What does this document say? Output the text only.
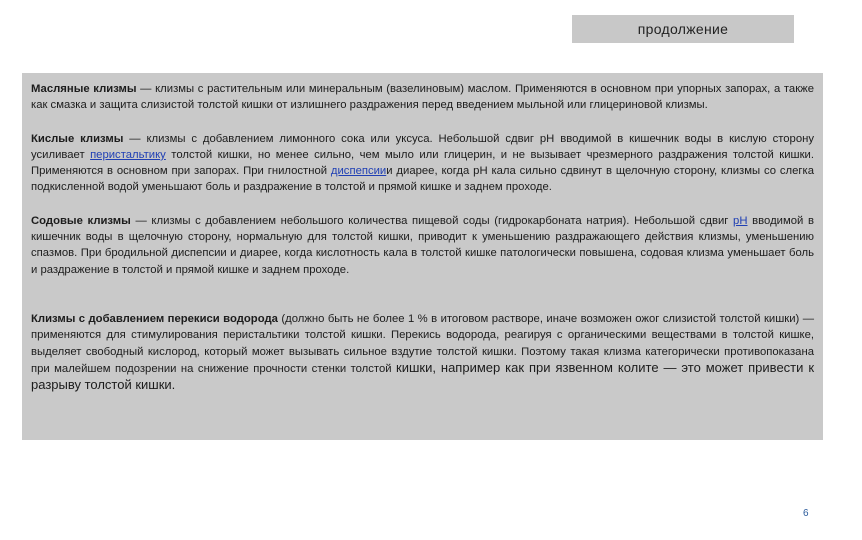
продолжение

Масляные клизмы — клизмы с растительным или минеральным (вазелиновым) маслом. Применяются в основном при упорных запорах, а также как смазка и защита слизистой толстой кишки от излишнего раздражения перед введением мыльной или глицериновой клизмы.

Кислые клизмы — клизмы с добавлением лимонного сока или уксуса. Небольшой сдвиг pH вводимой в кишечник воды в кислую сторону усиливает перистальтику толстой кишки, но менее сильно, чем мыло или глицерин, и не вызывает чрезмерного раздражения толстой кишки. Применяются в основном при запорах. При гнилостной диспепсиии диарее, когда pH кала сильно сдвинут в щелочную сторону, клизмы со слегка подкисленной водой уменьшают боль и раздражение в толстой и прямой кишке и заднем проходе.

Содовые клизмы — клизмы с добавлением небольшого количества пищевой соды (гидрокарбоната натрия). Небольшой сдвиг pH вводимой в кишечник воды в щелочную сторону, нормальную для толстой кишки, приводит к уменьшению раздражающего действия клизмы, уменьшению спазмов. При бродильной диспепсии и диарее, когда кислотность кала в толстой кишке патологически повышена, содовая клизма уменьшает боль и раздражение в толстой и прямой кишке и заднем проходе.

Клизмы с добавлением перекиси водорода (должно быть не более 1 % в итоговом растворе, иначе возможен ожог слизистой толстой кишки) — применяются для стимулирования перистальтики толстой кишки. Перекись водорода, реагируя с органическими веществами в толстой кишке, выделяет свободный кислород, который может вызывать сильное вздутие толстой кишки. Поэтому такая клизма категорически противопоказана при малейшем подозрении на снижение прочности стенки толстой кишки, например как при язвенном колите — это может привести к разрыву толстой кишки.

6
